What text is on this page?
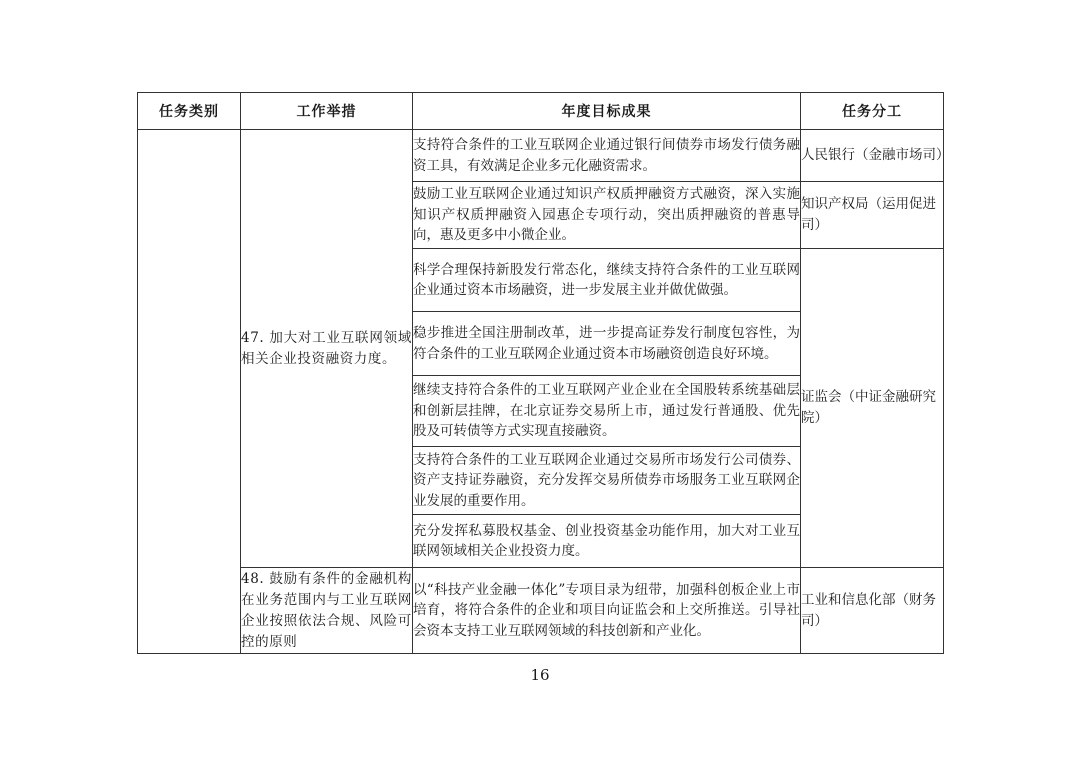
任务类别	工作举措	年度目标成果	任务分工
	47. 加大对工业互联网领域相关企业投资融资力度。	支持符合条件的工业互联网企业通过银行间债券市场发行债务融资工具，有效满足企业多元化融资需求。	人民银行（金融市场司）
		鼓励工业互联网企业通过知识产权质押融资方式融资，深入实施知识产权质押融资入园惠企专项行动，突出质押融资的普惠导向，惠及更多中小微企业。	知识产权局（运用促进司）
		科学合理保持新股发行常态化，继续支持符合条件的工业互联网企业通过资本市场融资，进一步发展主业并做优做强。	证监会（中证金融研究院）
		稳步推进全国注册制改革，进一步提高证券发行制度包容性，为符合条件的工业互联网企业通过资本市场融资创造良好环境。	
		继续支持符合条件的工业互联网产业企业在全国股转系统基础层和创新层挂牌，在北京证券交易所上市，通过发行普通股、优先股及可转债等方式实现直接融资。	
		支持符合条件的工业互联网企业通过交易所市场发行公司债券、资产支持证券融资，充分发挥交易所债券市场服务工业互联网企业发展的重要作用。	
		充分发挥私募股权基金、创业投资基金功能作用，加大对工业互联网领域相关企业投资力度。	
	48. 鼓励有条件的金融机构在业务范围内与工业互联网企业按照依法合规、风险可控的原则	以“科技产业金融一体化”专项目录为纽带，加强科创板企业上市培育，将符合条件的企业和项目向证监会和上交所推送。引导社会资本支持工业互联网领域的科技创新和产业化。	工业和信息化部（财务司）
16
